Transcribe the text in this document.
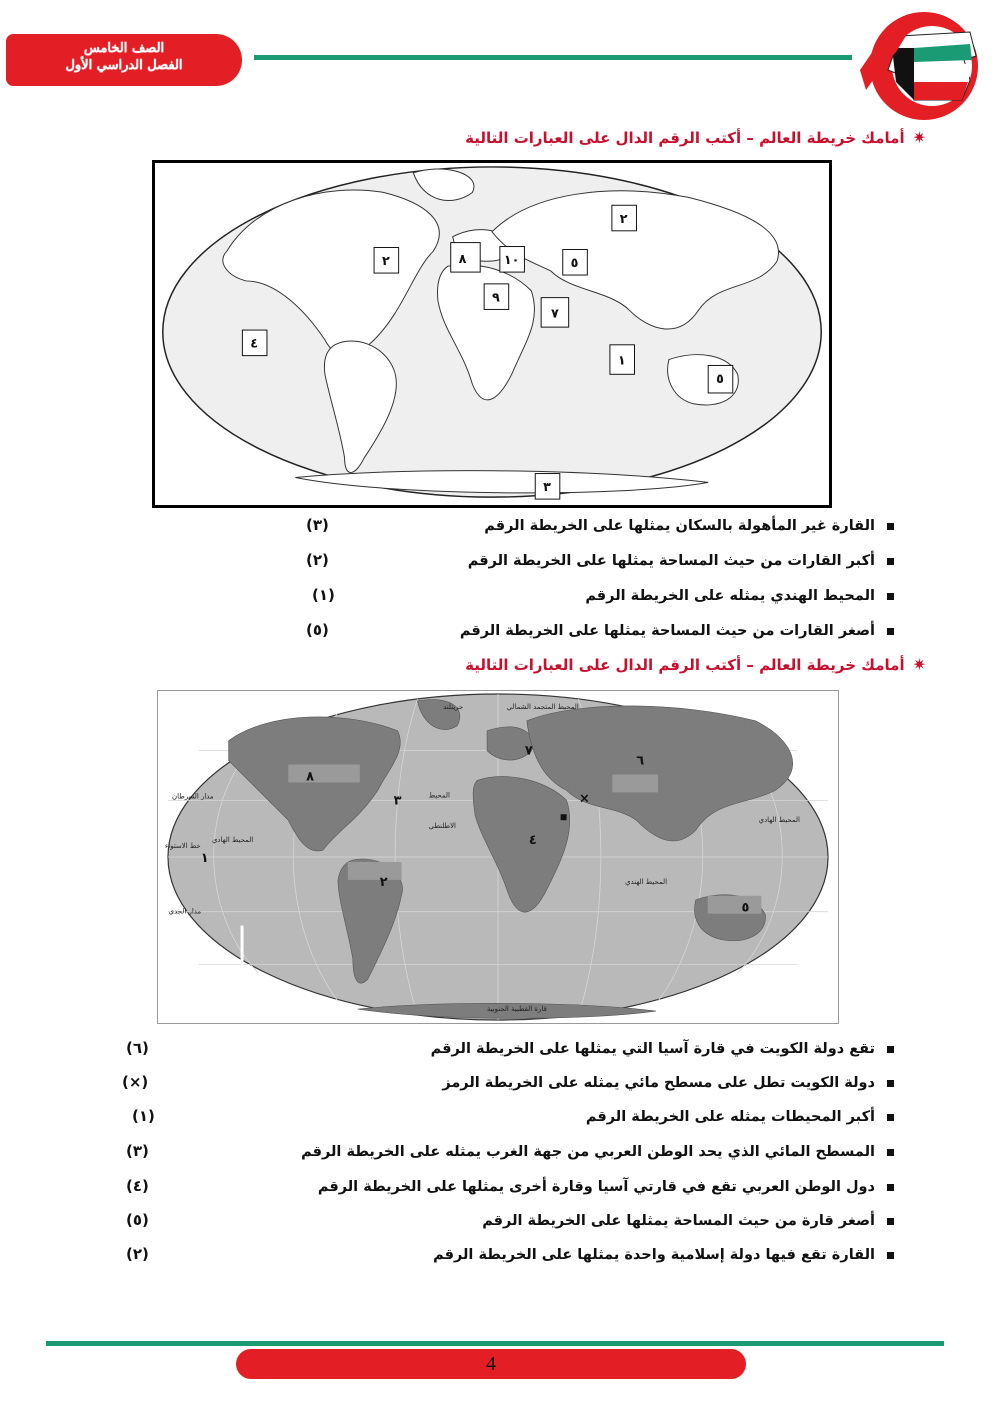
الصف الخامس
الفصل الدراسي الأول
✷أمامك خريطة العالم – أكتب الرقم الدال على العبارات التالية
٢
٢	٨	١٠	٥
٩
٧
٤
١
٥
٣
القارة غير المأهولة بالسكان يمثلها على الخريطة الرقم
(٣)
أكبر القارات من حيث المساحة يمثلها على الخريطة الرقم
(٢)
المحيط الهندي يمثله على الخريطة الرقم
(١)
أصغر القارات من حيث المساحة يمثلها على الخريطة الرقم
(٥)
✷أمامك خريطة العالم – أكتب الرقم الدال على العبارات التالية
٨
٧
٦
٣
٤
١
٢
٥
×
جرينلند	المحيط المتجمد الشمالي
المحيط
الاطلنطي
المحيط الهادي
المحيط الهادي
المحيط الهندي
قارة القطبية الجنوبية
مدار السرطان
خط الاستواء
مدار الجدي
تقع دولة الكويت في قارة آسيا التي يمثلها على الخريطة الرقم
(٦)
دولة الكويت تطل على مسطح مائي يمثله على الخريطة الرمز
(×)
أكبر المحيطات يمثله على الخريطة الرقم
(١)
المسطح المائي الذي يحد الوطن العربي من جهة الغرب يمثله على الخريطة الرقم
(٣)
دول الوطن العربي تقع في قارتي آسيا وقارة أخرى يمثلها على الخريطة الرقم
(٤)
أصغر قارة من حيث المساحة يمثلها على الخريطة الرقم
(٥)
القارة تقع فيها دولة إسلامية واحدة يمثلها على الخريطة الرقم
(٢)
4
